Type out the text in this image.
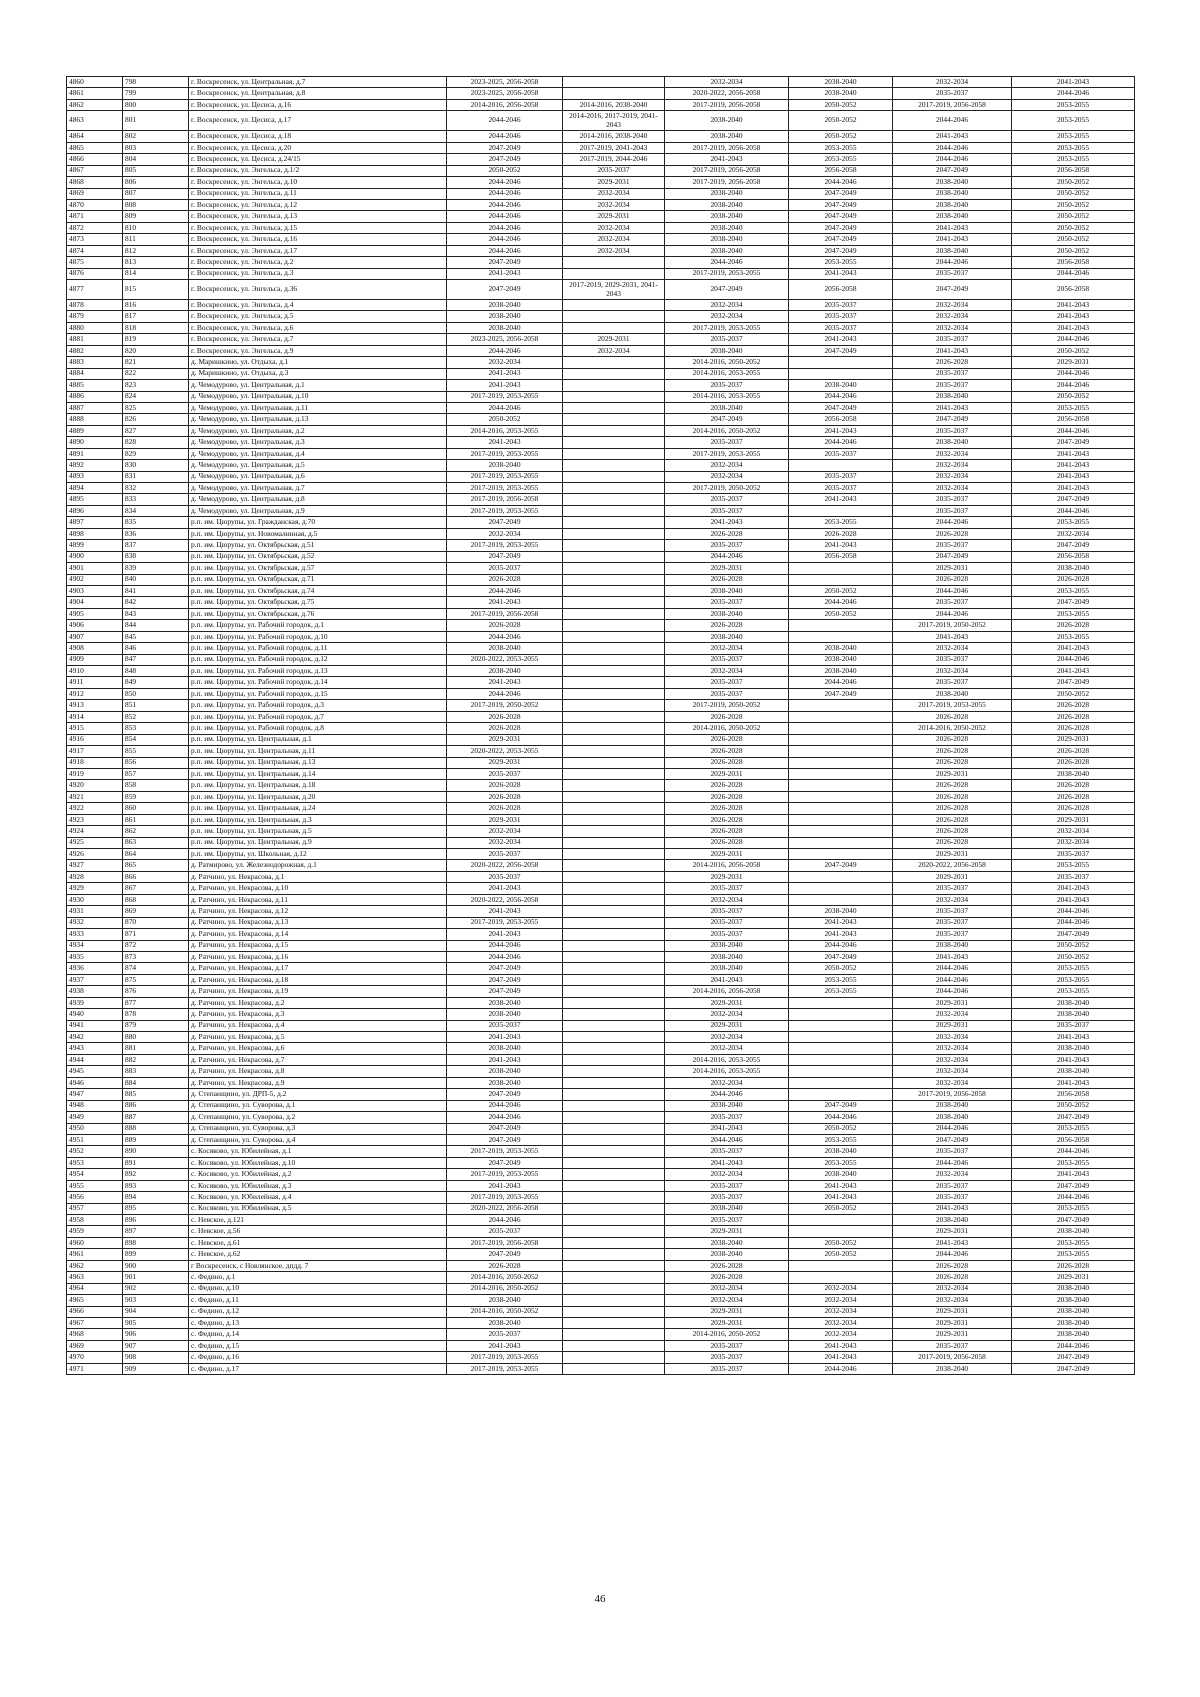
4860	798	г. Воскресенск, ул. Центральная, д.7	2023-2025, 2056-2058		2032-2034	2038-2040	2032-2034	2041-2043
4861	799	г. Воскресенск, ул. Центральная, д.8	2023-2025, 2056-2058		2020-2022, 2056-2058	2038-2040	2035-2037	2044-2046
4862	800	г. Воскресенск, ул. Цесиса, д.16	2014-2016, 2056-2058	2014-2016, 2038-2040	2017-2019, 2056-2058	2050-2052	2017-2019, 2056-2058	2053-2055
4863	801	г. Воскресенск, ул. Цесиса, д.17	2044-2046	2014-2016, 2017-2019, 2041-2043	2038-2040	2050-2052	2044-2046	2053-2055
4864	802	г. Воскресенск, ул. Цесиса, д.18	2044-2046	2014-2016, 2038-2040	2038-2040	2050-2052	2041-2043	2053-2055
4865	803	г. Воскресенск, ул. Цесиса, д.20	2047-2049	2017-2019, 2041-2043	2017-2019, 2056-2058	2053-2055	2044-2046	2053-2055
4866	804	г. Воскресенск, ул. Цесиса, д.24/15	2047-2049	2017-2019, 2044-2046	2041-2043	2053-2055	2044-2046	2053-2055
4867	805	г. Воскресенск, ул. Энгельса, д.1/2	2050-2052	2035-2037	2017-2019, 2056-2058	2056-2058	2047-2049	2056-2058
4868	806	г. Воскресенск, ул. Энгельса, д.10	2044-2046	2029-2031	2017-2019, 2056-2058	2044-2046	2038-2040	2050-2052
4869	807	г. Воскресенск, ул. Энгельса, д.11	2044-2046	2032-2034	2038-2040	2047-2049	2038-2040	2050-2052
4870	808	г. Воскресенск, ул. Энгельса, д.12	2044-2046	2032-2034	2038-2040	2047-2049	2038-2040	2050-2052
4871	809	г. Воскресенск, ул. Энгельса, д.13	2044-2046	2029-2031	2038-2040	2047-2049	2038-2040	2050-2052
4872	810	г. Воскресенск, ул. Энгельса, д.15	2044-2046	2032-2034	2038-2040	2047-2049	2041-2043	2050-2052
4873	811	г. Воскресенск, ул. Энгельса, д.16	2044-2046	2032-2034	2038-2040	2047-2049	2041-2043	2050-2052
4874	812	г. Воскресенск, ул. Энгельса, д.17	2044-2046	2032-2034	2038-2040	2047-2049	2038-2040	2050-2052
4875	813	г. Воскресенск, ул. Энгельса, д.2	2047-2049		2044-2046	2053-2055	2044-2046	2056-2058
4876	814	г. Воскресенск, ул. Энгельса, д.3	2041-2043		2017-2019, 2053-2055	2041-2043	2035-2037	2044-2046
4877	815	г. Воскресенск, ул. Энгельса, д.36	2047-2049	2017-2019, 2029-2031, 2041-2043	2047-2049	2056-2058	2047-2049	2056-2058
4878	816	г. Воскресенск, ул. Энгельса, д.4	2038-2040		2032-2034	2035-2037	2032-2034	2041-2043
4879	817	г. Воскресенск, ул. Энгельса, д.5	2038-2040		2032-2034	2035-2037	2032-2034	2041-2043
4880	818	г. Воскресенск, ул. Энгельса, д.6	2038-2040		2017-2019, 2053-2055	2035-2037	2032-2034	2041-2043
4881	819	г. Воскресенск, ул. Энгельса, д.7	2023-2025, 2056-2058	2029-2031	2035-2037	2041-2043	2035-2037	2044-2046
4882	820	г. Воскресенск, ул. Энгельса, д.9	2044-2046	2032-2034	2038-2040	2047-2049	2041-2043	2050-2052
4883	821	д. Маришкино, ул. Отдыха, д.1	2032-2034		2014-2016, 2050-2052		2026-2028	2029-2031
4884	822	д. Маришкино, ул. Отдыха, д.3	2041-2043		2014-2016, 2053-2055		2035-2037	2044-2046
4885	823	д. Чемодурово, ул. Центральная, д.1	2041-2043		2035-2037	2038-2040	2035-2037	2044-2046
4886	824	д. Чемодурово, ул. Центральная, д.10	2017-2019, 2053-2055		2014-2016, 2053-2055	2044-2046	2038-2040	2050-2052
4887	825	д. Чемодурово, ул. Центральная, д.11	2044-2046		2038-2040	2047-2049	2041-2043	2053-2055
4888	826	д. Чемодурово, ул. Центральная, д.13	2050-2052		2047-2049	2056-2058	2047-2049	2056-2058
4889	827	д. Чемодурово, ул. Центральная, д.2	2014-2016, 2053-2055		2014-2016, 2050-2052	2041-2043	2035-2037	2044-2046
4890	828	д. Чемодурово, ул. Центральная, д.3	2041-2043		2035-2037	2044-2046	2038-2040	2047-2049
4891	829	д. Чемодурово, ул. Центральная, д.4	2017-2019, 2053-2055		2017-2019, 2053-2055	2035-2037	2032-2034	2041-2043
4892	830	д. Чемодурово, ул. Центральная, д.5	2038-2040		2032-2034		2032-2034	2041-2043
4893	831	д. Чемодурово, ул. Центральная, д.6	2017-2019, 2053-2055		2032-2034	2035-2037	2032-2034	2041-2043
4894	832	д. Чемодурово, ул. Центральная, д.7	2017-2019, 2053-2055		2017-2019, 2050-2052	2035-2037	2032-2034	2041-2043
4895	833	д. Чемодурово, ул. Центральная, д.8	2017-2019, 2056-2058		2035-2037	2041-2043	2035-2037	2047-2049
4896	834	д. Чемодурово, ул. Центральная, д.9	2017-2019, 2053-2055		2035-2037		2035-2037	2044-2046
4897	835	р.п. им. Цюрупы, ул. Гражданская, д.70	2047-2049		2041-2043	2053-2055	2044-2046	2053-2055
4898	836	р.п. им. Цюрупы, ул. Новомалинная, д.5	2032-2034		2026-2028	2026-2028	2026-2028	2032-2034
4899	837	р.п. им. Цюрупы, ул. Октябрьская, д.51	2017-2019, 2053-2055		2035-2037	2041-2043	2035-2037	2047-2049
4900	838	р.п. им. Цюрупы, ул. Октябрьская, д.52	2047-2049		2044-2046	2056-2058	2047-2049	2056-2058
4901	839	р.п. им. Цюрупы, ул. Октябрьская, д.57	2035-2037		2029-2031		2029-2031	2038-2040
4902	840	р.п. им. Цюрупы, ул. Октябрьская, д.71	2026-2028		2026-2028		2026-2028	2026-2028
4903	841	р.п. им. Цюрупы, ул. Октябрьская, д.74	2044-2046		2038-2040	2050-2052	2044-2046	2053-2055
4904	842	р.п. им. Цюрупы, ул. Октябрьская, д.75	2041-2043		2035-2037	2044-2046	2035-2037	2047-2049
4905	843	р.п. им. Цюрупы, ул. Октябрьская, д.76	2017-2019, 2056-2058		2038-2040	2050-2052	2044-2046	2053-2055
4906	844	р.п. им. Цюрупы, ул. Рабочий городок, д.1	2026-2028		2026-2028		2017-2019, 2050-2052	2026-2028
4907	845	р.п. им. Цюрупы, ул. Рабочий городок, д.10	2044-2046		2038-2040		2041-2043	2053-2055
4908	846	р.п. им. Цюрупы, ул. Рабочий городок, д.11	2038-2040		2032-2034	2038-2040	2032-2034	2041-2043
4909	847	р.п. им. Цюрупы, ул. Рабочий городок, д.12	2020-2022, 2053-2055		2035-2037	2038-2040	2035-2037	2044-2046
4910	848	р.п. им. Цюрупы, ул. Рабочий городок, д.13	2038-2040		2032-2034	2038-2040	2032-2034	2041-2043
4911	849	р.п. им. Цюрупы, ул. Рабочий городок, д.14	2041-2043		2035-2037	2044-2046	2035-2037	2047-2049
4912	850	р.п. им. Цюрупы, ул. Рабочий городок, д.15	2044-2046		2035-2037	2047-2049	2038-2040	2050-2052
4913	851	р.п. им. Цюрупы, ул. Рабочий городок, д.3	2017-2019, 2050-2052		2017-2019, 2050-2052		2017-2019, 2053-2055	2026-2028
4914	852	р.п. им. Цюрупы, ул. Рабочий городок, д.7	2026-2028		2026-2028		2026-2028	2026-2028
4915	853	р.п. им. Цюрупы, ул. Рабочий городок, д.8	2026-2028		2014-2016, 2050-2052		2014-2016, 2050-2052	2026-2028
4916	854	р.п. им. Цюрупы, ул. Центральная, д.1	2029-2031		2026-2028		2026-2028	2029-2031
4917	855	р.п. им. Цюрупы, ул. Центральная, д.11	2020-2022, 2053-2055		2026-2028		2026-2028	2026-2028
4918	856	р.п. им. Цюрупы, ул. Центральная, д.13	2029-2031		2026-2028		2026-2028	2026-2028
4919	857	р.п. им. Цюрупы, ул. Центральная, д.14	2035-2037		2029-2031		2029-2031	2038-2040
4920	858	р.п. им. Цюрупы, ул. Центральная, д.18	2026-2028		2026-2028		2026-2028	2026-2028
4921	859	р.п. им. Цюрупы, ул. Центральная, д.20	2026-2028		2026-2028		2026-2028	2026-2028
4922	860	р.п. им. Цюрупы, ул. Центральная, д.24	2026-2028		2026-2028		2026-2028	2026-2028
4923	861	р.п. им. Цюрупы, ул. Центральная, д.3	2029-2031		2026-2028		2026-2028	2029-2031
4924	862	р.п. им. Цюрупы, ул. Центральная, д.5	2032-2034		2026-2028		2026-2028	2032-2034
4925	863	р.п. им. Цюрупы, ул. Центральная, д.9	2032-2034		2026-2028		2026-2028	2032-2034
4926	864	р.п. им. Цюрупы, ул. Школьная, д.12	2035-2037		2029-2031		2029-2031	2035-2037
4927	865	д. Ратмирово, ул. Железнодорожная, д.1	2020-2022, 2056-2058		2014-2016, 2056-2058	2047-2049	2020-2022, 2056-2058	2053-2055
4928	866	д. Ратчино, ул. Некрасова, д.1	2035-2037		2029-2031		2029-2031	2035-2037
4929	867	д. Ратчино, ул. Некрасова, д.10	2041-2043		2035-2037		2035-2037	2041-2043
4930	868	д. Ратчино, ул. Некрасова, д.11	2020-2022, 2056-2058		2032-2034		2032-2034	2041-2043
4931	869	д. Ратчино, ул. Некрасова, д.12	2041-2043		2035-2037	2038-2040	2035-2037	2044-2046
4932	870	д. Ратчино, ул. Некрасова, д.13	2017-2019, 2053-2055		2035-2037	2041-2043	2035-2037	2044-2046
4933	871	д. Ратчино, ул. Некрасова, д.14	2041-2043		2035-2037	2041-2043	2035-2037	2047-2049
4934	872	д. Ратчино, ул. Некрасова, д.15	2044-2046		2038-2040	2044-2046	2038-2040	2050-2052
4935	873	д. Ратчино, ул. Некрасова, д.16	2044-2046		2038-2040	2047-2049	2041-2043	2050-2052
4936	874	д. Ратчино, ул. Некрасова, д.17	2047-2049		2038-2040	2050-2052	2044-2046	2053-2055
4937	875	д. Ратчино, ул. Некрасова, д.18	2047-2049		2041-2043	2053-2055	2044-2046	2053-2055
4938	876	д. Ратчино, ул. Некрасова, д.19	2047-2049		2014-2016, 2056-2058	2053-2055	2044-2046	2053-2055
4939	877	д. Ратчино, ул. Некрасова, д.2	2038-2040		2029-2031		2029-2031	2038-2040
4940	878	д. Ратчино, ул. Некрасова, д.3	2038-2040		2032-2034		2032-2034	2038-2040
4941	879	д. Ратчино, ул. Некрасова, д.4	2035-2037		2029-2031		2029-2031	2035-2037
4942	880	д. Ратчино, ул. Некрасова, д.5	2041-2043		2032-2034		2032-2034	2041-2043
4943	881	д. Ратчино, ул. Некрасова, д.6	2038-2040		2032-2034		2032-2034	2038-2040
4944	882	д. Ратчино, ул. Некрасова, д.7	2041-2043		2014-2016, 2053-2055		2032-2034	2041-2043
4945	883	д. Ратчино, ул. Некрасова, д.8	2038-2040		2014-2016, 2053-2055		2032-2034	2038-2040
4946	884	д. Ратчино, ул. Некрасова, д.9	2038-2040		2032-2034		2032-2034	2041-2043
4947	885	д. Степанщино, ул. ДРП-5, д.2	2047-2049		2044-2046		2017-2019, 2056-2058	2056-2058
4948	886	д. Степанщино, ул. Суворова, д.1	2044-2046		2038-2040	2047-2049	2038-2040	2050-2052
4949	887	д. Степанщино, ул. Суворова, д.2	2044-2046		2035-2037	2044-2046	2038-2040	2047-2049
4950	888	д. Степанщино, ул. Суворова, д.3	2047-2049		2041-2043	2050-2052	2044-2046	2053-2055
4951	889	д. Степанщино, ул. Суворова, д.4	2047-2049		2044-2046	2053-2055	2047-2049	2056-2058
4952	890	с. Косяково, ул. Юбилейная, д.1	2017-2019, 2053-2055		2035-2037	2038-2040	2035-2037	2044-2046
4953	891	с. Косяково, ул. Юбилейная, д.10	2047-2049		2041-2043	2053-2055	2044-2046	2053-2055
4954	892	с. Косяково, ул. Юбилейная, д.2	2017-2019, 2053-2055		2032-2034	2038-2040	2032-2034	2041-2043
4955	893	с. Косяково, ул. Юбилейная, д.3	2041-2043		2035-2037	2041-2043	2035-2037	2047-2049
4956	894	с. Косяково, ул. Юбилейная, д.4	2017-2019, 2053-2055		2035-2037	2041-2043	2035-2037	2044-2046
4957	895	с. Косяково, ул. Юбилейная, д.5	2020-2022, 2056-2058		2038-2040	2050-2052	2041-2043	2053-2055
4958	896	с. Невское, д.121	2044-2046		2035-2037		2038-2040	2047-2049
4959	897	с. Невское, д.56	2035-2037		2029-2031		2029-2031	2038-2040
4960	898	с. Невское, д.61	2017-2019, 2056-2058		2038-2040	2050-2052	2041-2043	2053-2055
4961	899	с. Невское, д.62	2047-2049		2038-2040	2050-2052	2044-2046	2053-2055
4962	900	г Воскресенск, с Новлянское, дпдд. 7	2026-2028		2026-2028		2026-2028	2026-2028
4963	901	с. Федино, д.1	2014-2016, 2050-2052		2026-2028		2026-2028	2029-2031
4964	902	с. Федино, д.10	2014-2016, 2050-2052		2032-2034	2032-2034	2032-2034	2038-2040
4965	903	с. Федино, д.11	2038-2040		2032-2034	2032-2034	2032-2034	2038-2040
4966	904	с. Федино, д.12	2014-2016, 2050-2052		2029-2031	2032-2034	2029-2031	2038-2040
4967	905	с. Федино, д.13	2038-2040		2029-2031	2032-2034	2029-2031	2038-2040
4968	906	с. Федино, д.14	2035-2037		2014-2016, 2050-2052	2032-2034	2029-2031	2038-2040
4969	907	с. Федино, д.15	2041-2043		2035-2037	2041-2043	2035-2037	2044-2046
4970	908	с. Федино, д.16	2017-2019, 2053-2055		2035-2037	2041-2043	2017-2019, 2056-2058	2047-2049
4971	909	с. Федино, д.17	2017-2019, 2053-2055		2035-2037	2044-2046	2038-2040	2047-2049
46
